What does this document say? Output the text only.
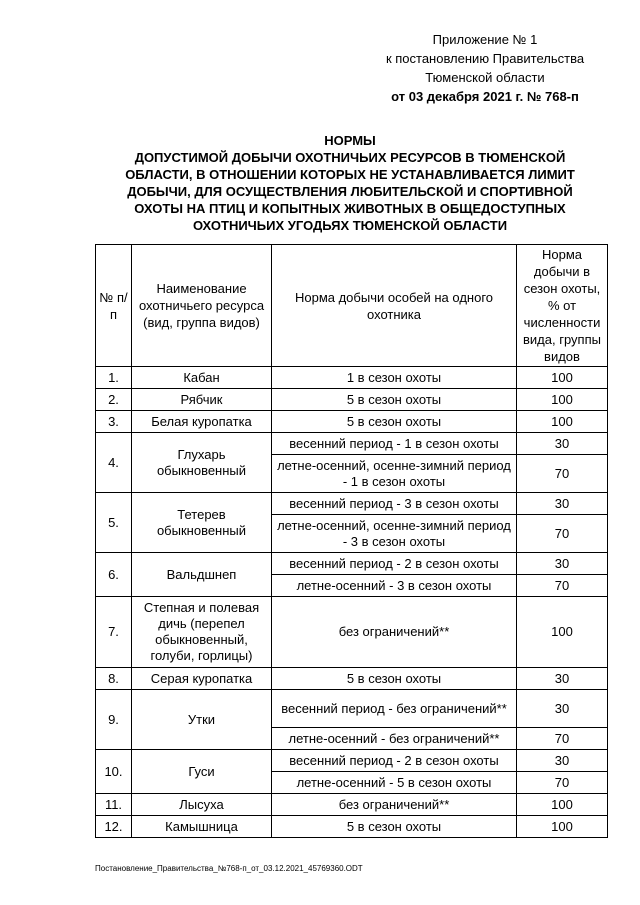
Приложение № 1
к постановлению Правительства
Тюменской области
от 03 декабря 2021 г. № 768-п
НОРМЫ
ДОПУСТИМОЙ ДОБЫЧИ ОХОТНИЧЬИХ РЕСУРСОВ В ТЮМЕНСКОЙ
ОБЛАСТИ, В ОТНОШЕНИИ КОТОРЫХ НЕ УСТАНАВЛИВАЕТСЯ ЛИМИТ
ДОБЫЧИ, ДЛЯ ОСУЩЕСТВЛЕНИЯ ЛЮБИТЕЛЬСКОЙ И СПОРТИВНОЙ
ОХОТЫ НА ПТИЦ И КОПЫТНЫХ ЖИВОТНЫХ В ОБЩЕДОСТУПНЫХ
ОХОТНИЧЬИХ УГОДЬЯХ ТЮМЕНСКОЙ ОБЛАСТИ
№ п/п	Наименование охотничьего ресурса (вид, группа видов)	Норма добычи особей на одного охотника	Норма добычи в сезон охоты, % от численности вида, группы видов
1.	Кабан	1 в сезон охоты	100
2.	Рябчик	5 в сезон охоты	100
3.	Белая куропатка	5 в сезон охоты	100
4.	Глухарь обыкновенный	весенний период - 1 в сезон охоты	30
		летне-осенний, осенне-зимний период - 1 в сезон охоты	70
5.	Тетерев обыкновенный	весенний период - 3 в сезон охоты	30
		летне-осенний, осенне-зимний период - 3 в сезон охоты	70
6.	Вальдшнеп	весенний период - 2 в сезон охоты	30
		летне-осенний - 3 в сезон охоты	70
7.	Степная и полевая дичь (перепел обыкновенный, голуби, горлицы)	без ограничений**	100
8.	Серая куропатка	5 в сезон охоты	30
9.	Утки	весенний период - без ограничений**	30
		летне-осенний - без ограничений**	70
10.	Гуси	весенний период - 2 в сезон охоты	30
		летне-осенний - 5 в сезон охоты	70
11.	Лысуха	без ограничений**	100
12.	Камышница	5 в сезон охоты	100
Постановление_Правительства_№768-п_от_03.12.2021_45769360.ODT
